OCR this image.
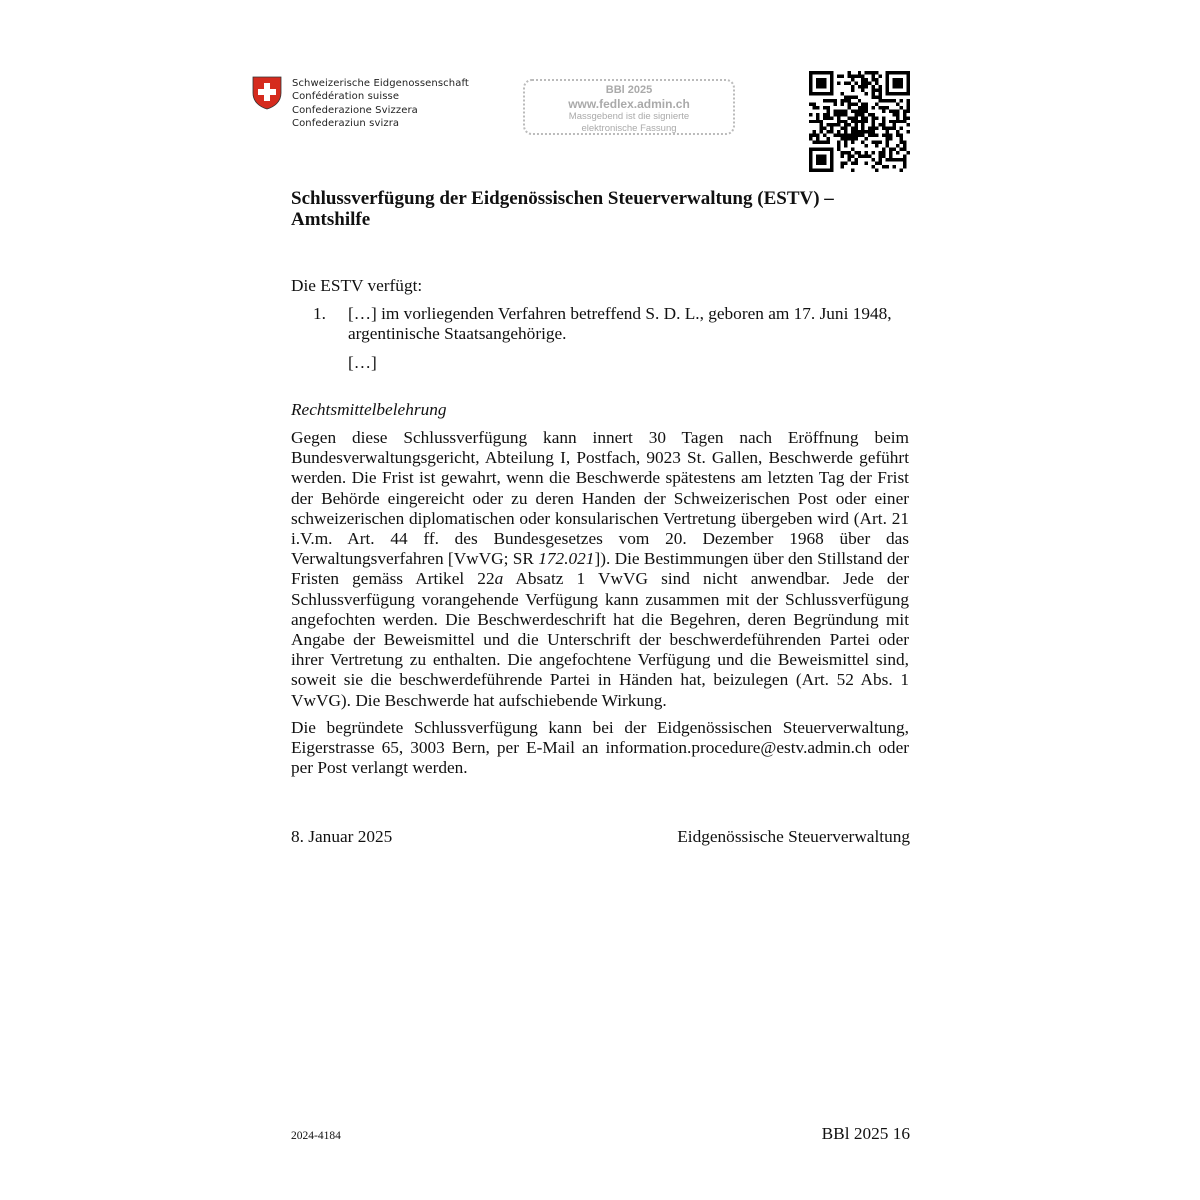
Schweizerische Eidgenossenschaft
Confédération suisse
Confederazione Svizzera
Confederaziun svizra
BBl 2025
www.fedlex.admin.ch
Massgebend ist die signierte
elektronische Fassung
Schlussverfügung der Eidgenössischen Steuerverwaltung (ESTV) – Amtshilfe
Die ESTV verfügt:
1. […] im vorliegenden Verfahren betreffend S. D. L., geboren am 17. Juni 1948, argentinische Staatsangehörige.
[…]
Rechtsmittelbelehrung
Gegen diese Schlussverfügung kann innert 30 Tagen nach Eröffnung beim Bundesverwaltungsgericht, Abteilung I, Postfach, 9023 St. Gallen, Beschwerde geführt werden. Die Frist ist gewahrt, wenn die Beschwerde spätestens am letzten Tag der Frist der Behörde eingereicht oder zu deren Handen der Schweizerischen Post oder einer schweizerischen diplomatischen oder konsularischen Vertretung übergeben wird (Art. 21 i.V.m. Art. 44 ff. des Bundesgesetzes vom 20. Dezember 1968 über das Verwaltungsverfahren [VwVG; SR 172.021]). Die Bestimmungen über den Stillstand der Fristen gemäss Artikel 22a Absatz 1 VwVG sind nicht anwendbar. Jede der Schlussverfügung vorangehende Verfügung kann zusammen mit der Schlussverfügung angefochten werden. Die Beschwerdeschrift hat die Begehren, deren Begründung mit Angabe der Beweismittel und die Unterschrift der beschwerdeführenden Partei oder ihrer Vertretung zu enthalten. Die angefochtene Verfügung und die Beweismittel sind, soweit sie die beschwerdeführende Partei in Händen hat, beizulegen (Art. 52 Abs. 1 VwVG). Die Beschwerde hat aufschiebende Wirkung.
Die begründete Schlussverfügung kann bei der Eidgenössischen Steuerverwaltung, Eigerstrasse 65, 3003 Bern, per E-Mail an information.procedure@estv.admin.ch oder per Post verlangt werden.
8. Januar 2025	Eidgenössische Steuerverwaltung
2024-4184	BBl 2025 16
